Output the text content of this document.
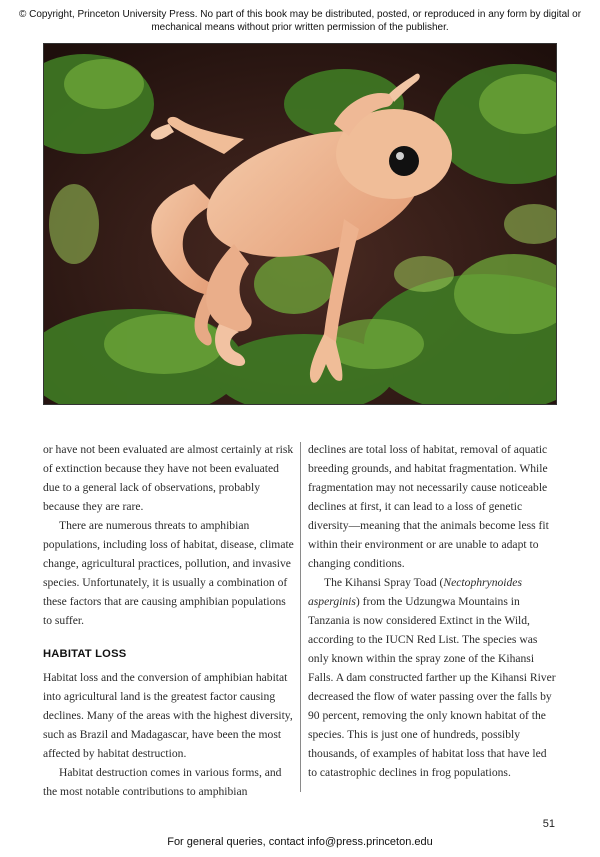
© Copyright, Princeton University Press. No part of this book may be distributed, posted, or reproduced in any form by digital or mechanical means without prior written permission of the publisher.

or have not been evaluated are almost certainly at risk of extinction because they have not been evaluated due to a general lack of observations, probably because they are rare.

There are numerous threats to amphibian populations, including loss of habitat, disease, climate change, agricultural practices, pollution, and invasive species. Unfortunately, it is usually a combination of these factors that are causing amphibian populations to suffer.

HABITAT LOSS

Habitat loss and the conversion of amphibian habitat into agricultural land is the greatest factor causing declines. Many of the areas with the highest diversity, such as Brazil and Madagascar, have been the most affected by habitat destruction.

Habitat destruction comes in various forms, and the most notable contributions to amphibian

declines are total loss of habitat, removal of aquatic breeding grounds, and habitat fragmentation. While fragmentation may not necessarily cause noticeable declines at first, it can lead to a loss of genetic diversity—meaning that the animals become less fit within their environment or are unable to adapt to changing conditions.

The Kihansi Spray Toad (Nectophrynoides asperginis) from the Udzungwa Mountains in Tanzania is now considered Extinct in the Wild, according to the IUCN Red List. The species was only known within the spray zone of the Kihansi Falls. A dam constructed farther up the Kihansi River decreased the flow of water passing over the falls by 90 percent, removing the only known habitat of the species. This is just one of hundreds, possibly thousands, of examples of habitat loss that have led to catastrophic declines in frog populations.

51
For general queries, contact info@press.princeton.edu
